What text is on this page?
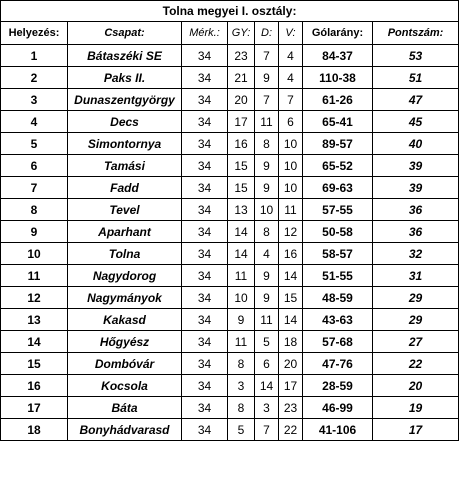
Tolna megyei I. osztály:							
Helyezés:	Csapat:	Mérk.:	GY:	D:	V:	Gólarány:	Pontszám:
1	Bátaszéki SE	34	23	7	4	84-37	53
2	Paks II.	34	21	9	4	110-38	51
3	Dunaszentgyörgy	34	20	7	7	61-26	47
4	Decs	34	17	11	6	65-41	45
5	Simontornya	34	16	8	10	89-57	40
6	Tamási	34	15	9	10	65-52	39
7	Fadd	34	15	9	10	69-63	39
8	Tevel	34	13	10	11	57-55	36
9	Aparhant	34	14	8	12	50-58	36
10	Tolna	34	14	4	16	58-57	32
11	Nagydorog	34	11	9	14	51-55	31
12	Nagymányok	34	10	9	15	48-59	29
13	Kakasd	34	9	11	14	43-63	29
14	Hőgyész	34	11	5	18	57-68	27
15	Dombóvár	34	8	6	20	47-76	22
16	Kocsola	34	3	14	17	28-59	20
17	Báta	34	8	3	23	46-99	19
18	Bonyhádvarasd	34	5	7	22	41-106	17
